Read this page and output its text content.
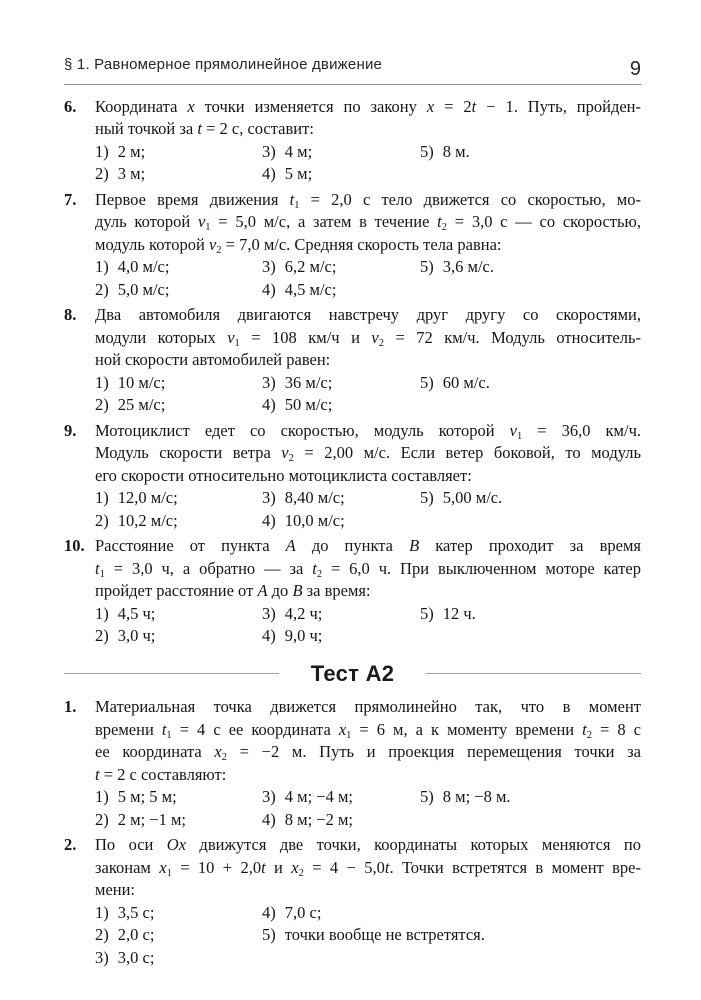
§ 1. Равномерное прямолинейное движение	9
6.	Координата x точки изменяется по закону x = 2t − 1. Путь, пройден-
ный точкой за t = 2 с, составит:
1) 2 м;
2) 3 м;
3) 4 м;
4) 5 м;
5) 8 м.
7.	Первое время движения $t_1 = 2,0$ с тело движется со скоростью, мо-
дуль которой $v_1 = 5,0$ м/с, а затем в течение $t_2 = 3,0$ с — со скоростью,
модуль которой $v_2 = 7,0$ м/с. Средняя скорость тела равна:
1) 4,0 м/с;
2) 5,0 м/с;
3) 6,2 м/с;
4) 4,5 м/с;
5) 3,6 м/с.
8.	Два автомобиля двигаются навстречу друг другу со скоростями,
модули которых $v_1 = 108$ км/ч и $v_2 = 72$ км/ч. Модуль относитель-
ной скорости автомобилей равен:
1) 10 м/с;
2) 25 м/с;
3) 36 м/с;
4) 50 м/с;
5) 60 м/с.
9.	Мотоциклист едет со скоростью, модуль которой $v_1 = 36,0$ км/ч.
Модуль скорости ветра $v_2 = 2,00$ м/с. Если ветер боковой, то модуль
его скорости относительно мотоциклиста составляет:
1) 12,0 м/с;
2) 10,2 м/с;
3) 8,40 м/с;
4) 10,0 м/с;
5) 5,00 м/с.
10. Расстояние от пункта A до пункта B катер проходит за время
$t_1 = 3,0$ ч, а обратно — за $t_2 = 6,0$ ч. При выключенном моторе катер
пройдет расстояние от A до B за время:
1) 4,5 ч;
2) 3,0 ч;
3) 4,2 ч;
4) 9,0 ч;
5) 12 ч.
Тест А2
1.	Материальная точка движется прямолинейно так, что в момент
времени $t_1 = 4$ с ее координата $x_1 = 6$ м, а к моменту времени $t_2 = 8$ с
ее координата $x_2 = -2$ м. Путь и проекция перемещения точки за
t = 2 с составляют:
1) 5 м; 5 м;
2) 2 м; −1 м;
3) 4 м; −4 м;
4) 8 м; −2 м;
5) 8 м; −8 м.
2.	По оси Ox движутся две точки, координаты которых меняются по
законам $x_1 = 10 + 2,0t$ и $x_2 = 4 - 5,0t$. Точки встретятся в момент вре-
мени:
1) 3,5 с;
2) 2,0 с;
3) 3,0 с;
4) 7,0 с;
5) точки вообще не встретятся.
